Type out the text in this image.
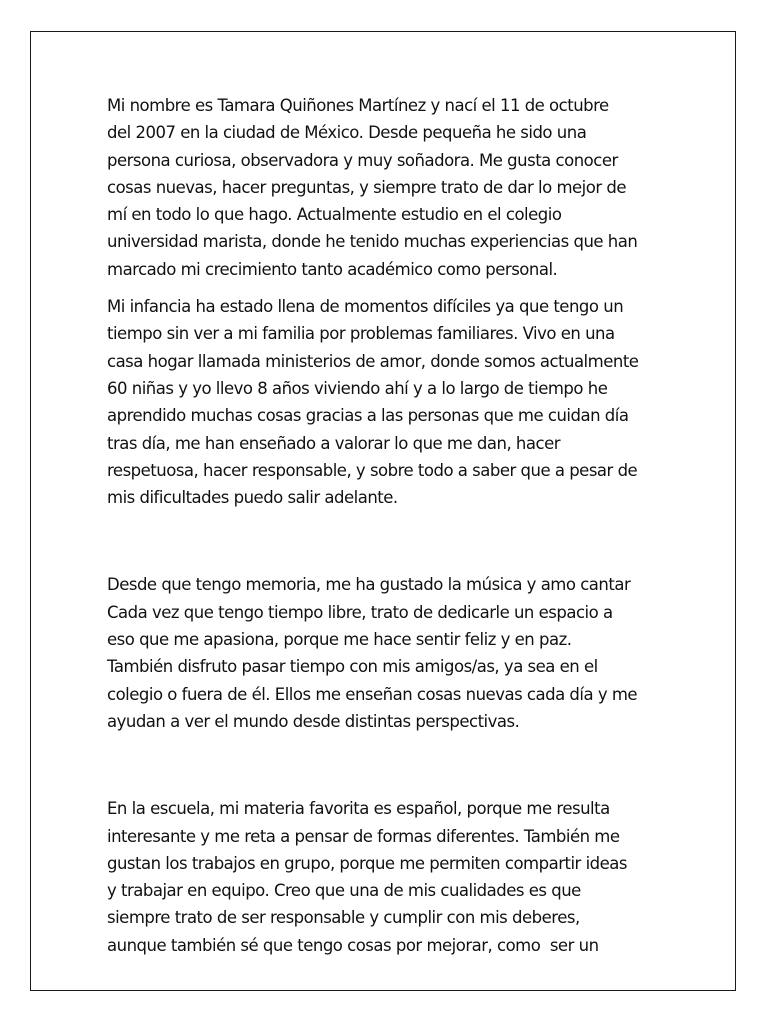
Mi nombre es Tamara Quiñones Martínez y nací el 11 de octubre
del 2007 en la ciudad de México. Desde pequeña he sido una
persona curiosa, observadora y muy soñadora. Me gusta conocer
cosas nuevas, hacer preguntas, y siempre trato de dar lo mejor de
mí en todo lo que hago. Actualmente estudio en el colegio
universidad marista, donde he tenido muchas experiencias que han
marcado mi crecimiento tanto académico como personal.
Mi infancia ha estado llena de momentos difíciles ya que tengo un
tiempo sin ver a mi familia por problemas familiares. Vivo en una
casa hogar llamada ministerios de amor, donde somos actualmente
60 niñas y yo llevo 8 años viviendo ahí y a lo largo de tiempo he
aprendido muchas cosas gracias a las personas que me cuidan día
tras día, me han enseñado a valorar lo que me dan, hacer
respetuosa, hacer responsable, y sobre todo a saber que a pesar de
mis dificultades puedo salir adelante.
Desde que tengo memoria, me ha gustado la música y amo cantar
Cada vez que tengo tiempo libre, trato de dedicarle un espacio a
eso que me apasiona, porque me hace sentir feliz y en paz.
También disfruto pasar tiempo con mis amigos/as, ya sea en el
colegio o fuera de él. Ellos me enseñan cosas nuevas cada día y me
ayudan a ver el mundo desde distintas perspectivas.
En la escuela, mi materia favorita es español, porque me resulta
interesante y me reta a pensar de formas diferentes. También me
gustan los trabajos en grupo, porque me permiten compartir ideas
y trabajar en equipo. Creo que una de mis cualidades es que
siempre trato de ser responsable y cumplir con mis deberes,
aunque también sé que tengo cosas por mejorar, como  ser un
